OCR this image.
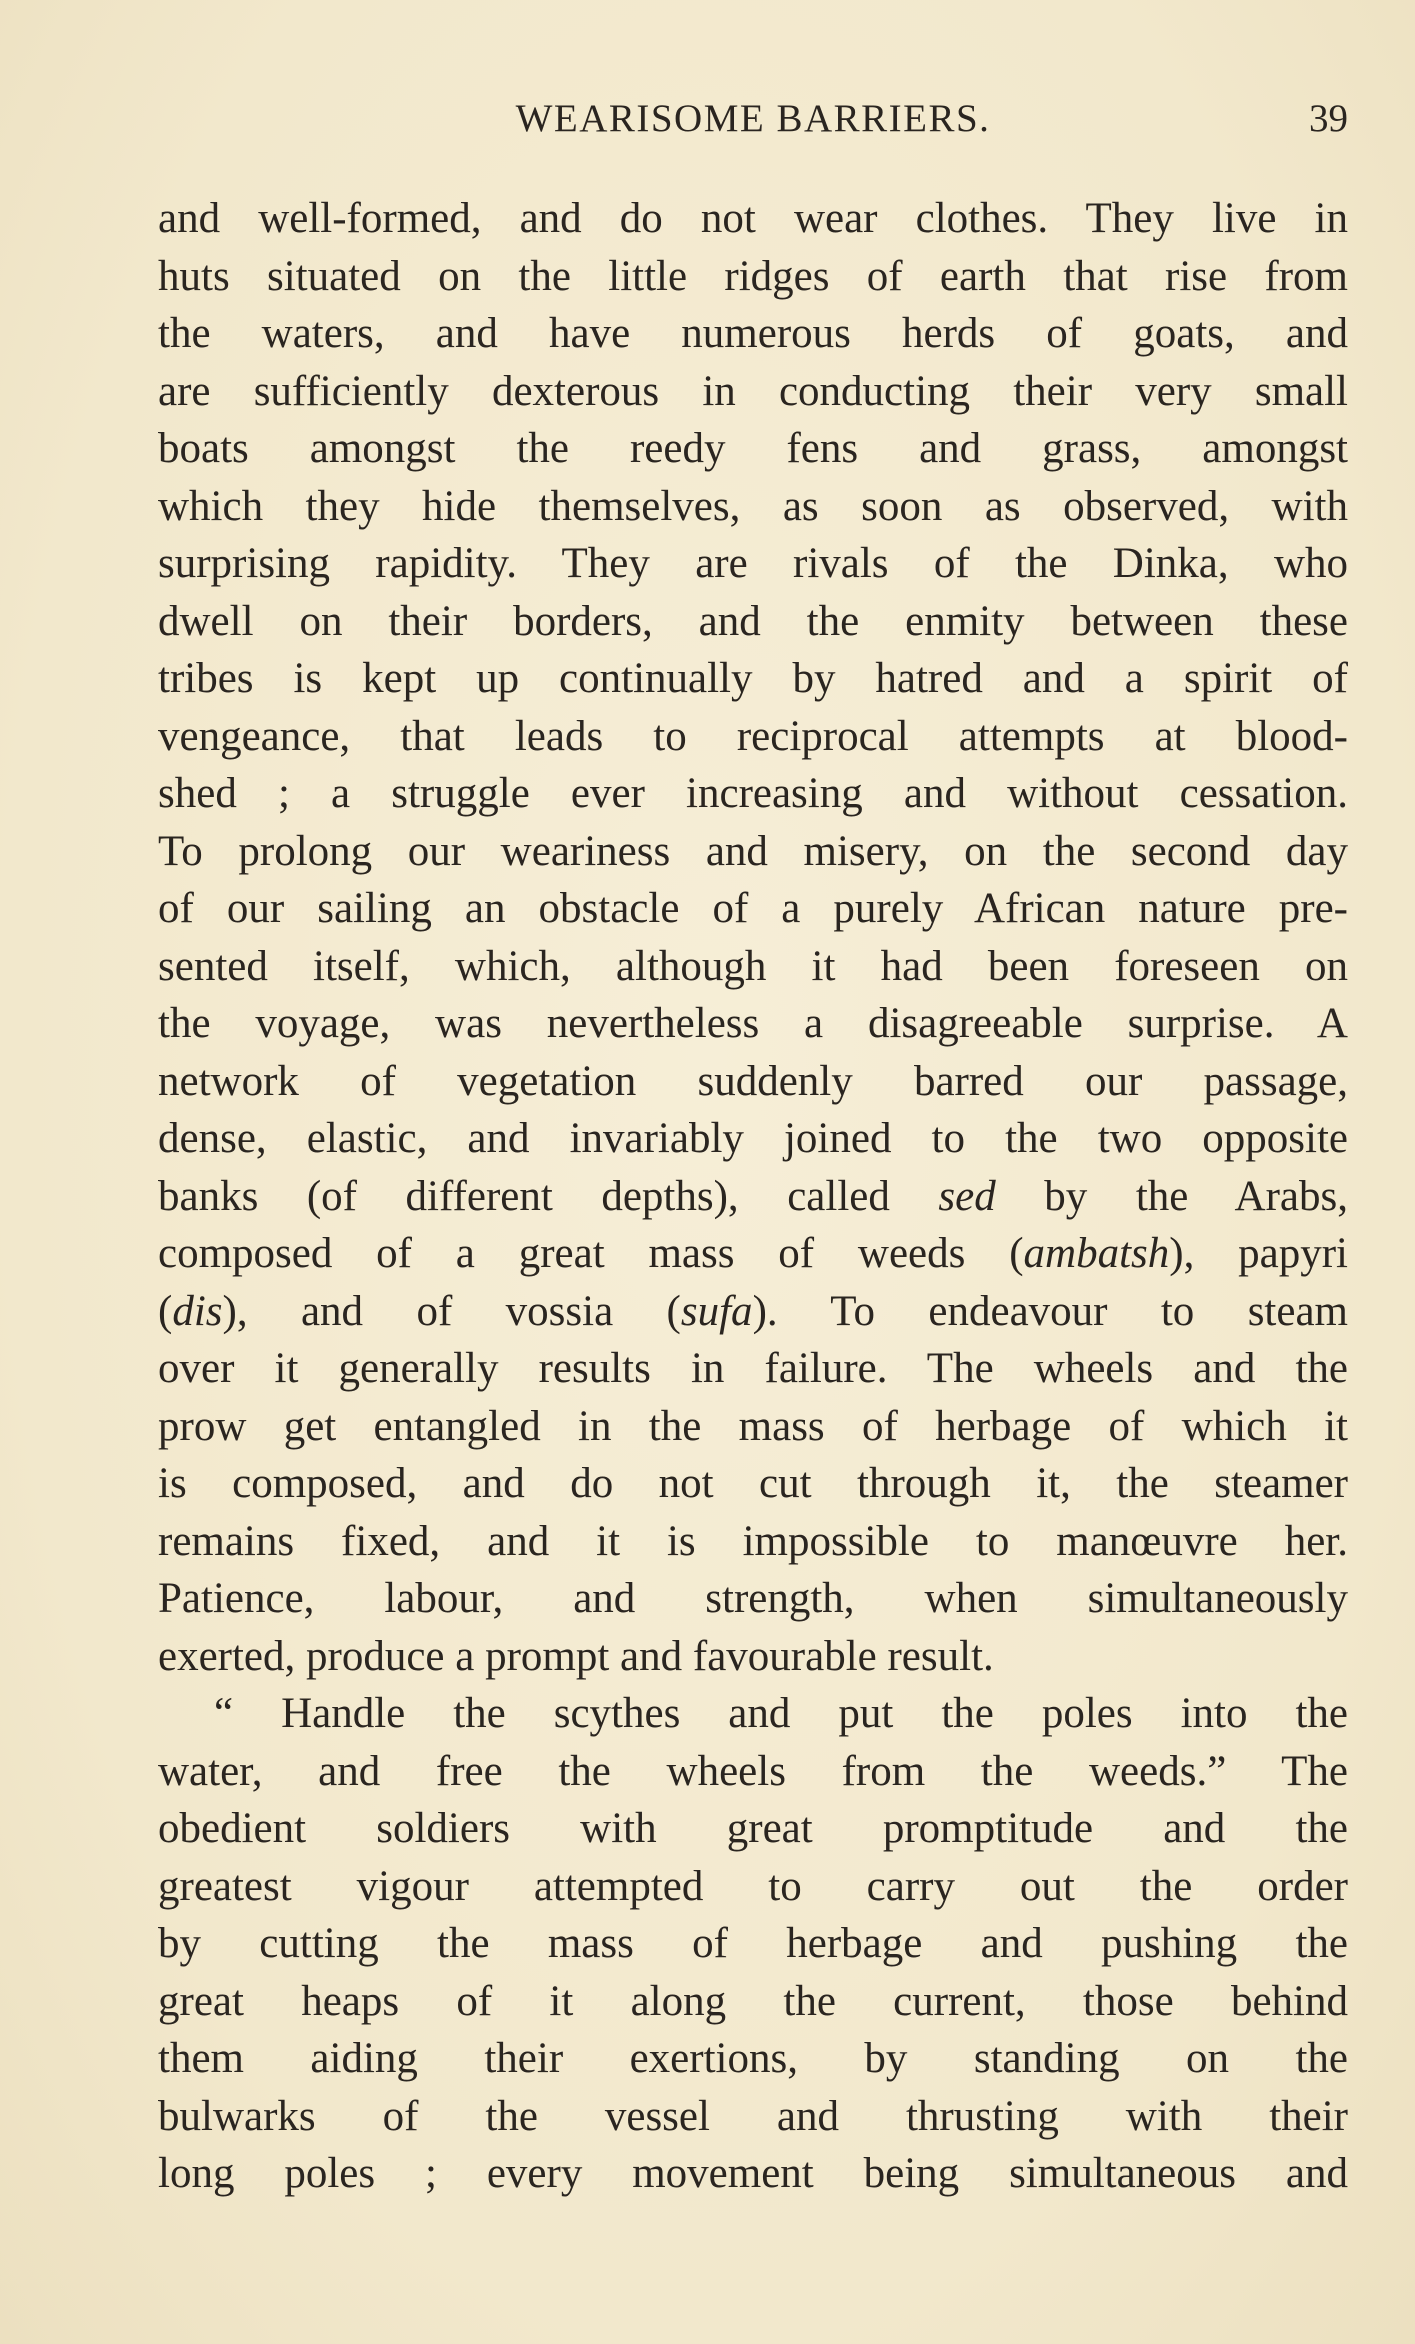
WEARISOME BARRIERS.	39
and well-formed, and do not wear clothes. They live in
huts situated on the little ridges of earth that rise from
the waters, and have numerous herds of goats, and
are sufficiently dexterous in conducting their very small
boats amongst the reedy fens and grass, amongst
which they hide themselves, as soon as observed, with
surprising rapidity. They are rivals of the Dinka, who
dwell on their borders, and the enmity between these
tribes is kept up continually by hatred and a spirit of
vengeance, that leads to reciprocal attempts at blood-
shed ; a struggle ever increasing and without cessation.
To prolong our weariness and misery, on the second day
of our sailing an obstacle of a purely African nature pre-
sented itself, which, although it had been foreseen on
the voyage, was nevertheless a disagreeable surprise. A
network of vegetation suddenly barred our passage,
dense, elastic, and invariably joined to the two opposite
banks (of different depths), called sed by the Arabs,
composed of a great mass of weeds (ambatsh), papyri
(dis), and of vossia (sufa). To endeavour to steam
over it generally results in failure. The wheels and the
prow get entangled in the mass of herbage of which it
is composed, and do not cut through it, the steamer
remains fixed, and it is impossible to manœuvre her.
Patience, labour, and strength, when simultaneously
exerted, produce a prompt and favourable result.
“ Handle the scythes and put the poles into the
water, and free the wheels from the weeds.” The
obedient soldiers with great promptitude and the
greatest vigour attempted to carry out the order
by cutting the mass of herbage and pushing the
great heaps of it along the current, those behind
them aiding their exertions, by standing on the
bulwarks of the vessel and thrusting with their
long poles ; every movement being simultaneous and
